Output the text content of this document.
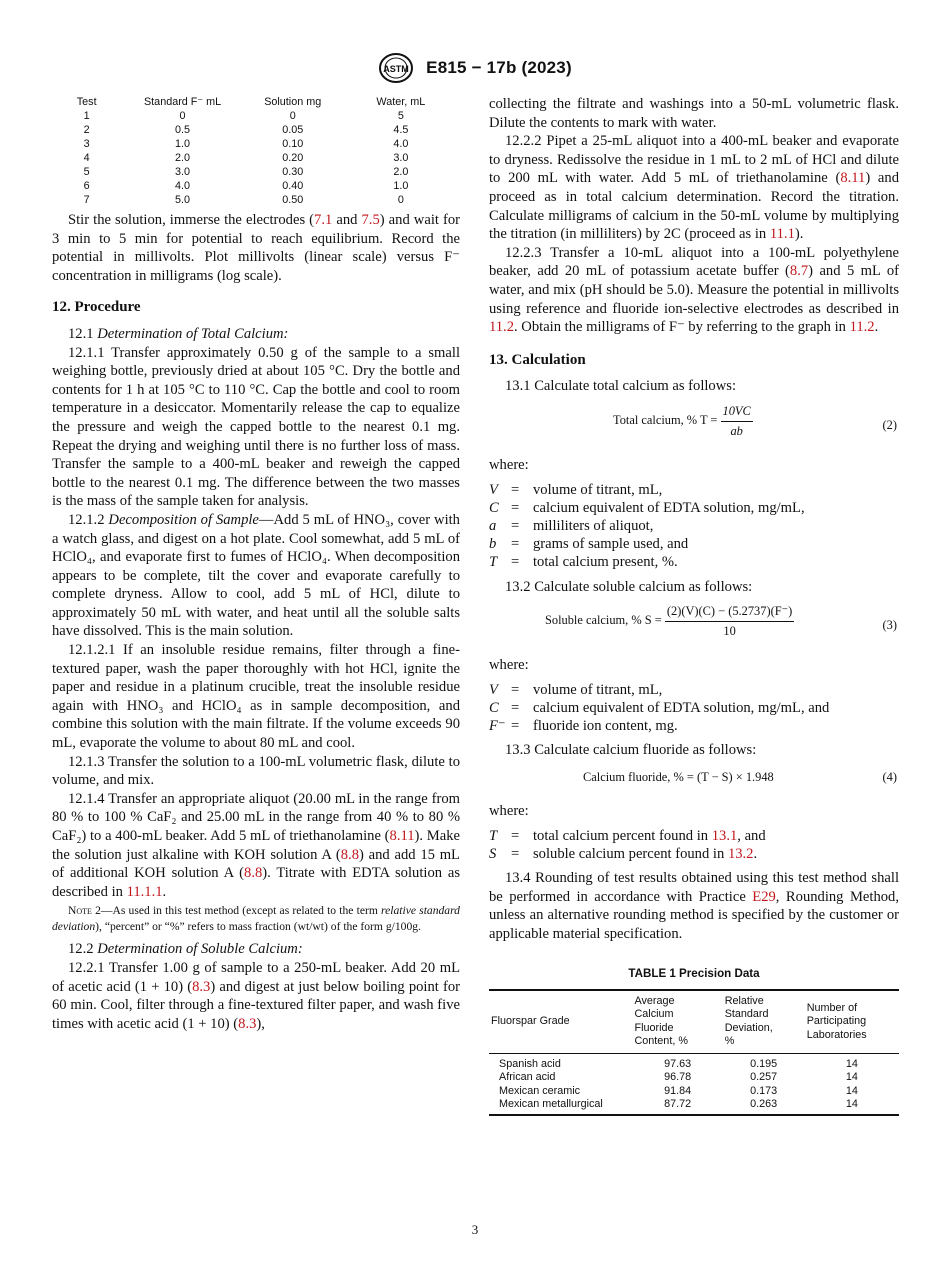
ASTM E815 − 17b (2023)
Test	Standard F⁻ mL	Solution mg	Water, mL
1	0	0	5
2	0.5	0.05	4.5
3	1.0	0.10	4.0
4	2.0	0.20	3.0
5	3.0	0.30	2.0
6	4.0	0.40	1.0
7	5.0	0.50	0

Stir the solution, immerse the electrodes (7.1 and 7.5) and wait for 3 min to 5 min for potential to reach equilibrium. Record the potential in millivolts. Plot millivolts (linear scale) versus F⁻ concentration in milligrams (log scale).

12. Procedure

12.1 Determination of Total Calcium:

12.1.1 Transfer approximately 0.50 g of the sample to a small weighing bottle, previously dried at about 105 °C. Dry the bottle and contents for 1 h at 105 °C to 110 °C. Cap the bottle and cool to room temperature in a desiccator. Momentarily release the cap to equalize the pressure and weigh the capped bottle to the nearest 0.1 mg. Repeat the drying and weighing until there is no further loss of mass. Transfer the sample to a 400-mL beaker and reweigh the capped bottle to the nearest 0.1 mg. The difference between the two masses is the mass of the sample taken for analysis.

12.1.2 Decomposition of Sample—Add 5 mL of HNO₃, cover with a watch glass, and digest on a hot plate. Cool somewhat, add 5 mL of HClO₄, and evaporate first to fumes of HClO₄. When decomposition appears to be complete, tilt the cover and evaporate carefully to complete dryness. Allow to cool, add 5 mL of HCl, dilute to approximately 50 mL with water, and heat until all the soluble salts have dissolved. This is the main solution.

12.1.2.1 If an insoluble residue remains, filter through a fine-textured paper, wash the paper thoroughly with hot HCl, ignite the paper and residue in a platinum crucible, treat the insoluble residue again with HNO₃ and HClO₄ as in sample decomposition, and combine this solution with the main filtrate. If the volume exceeds 90 mL, evaporate the volume to about 80 mL and cool.

12.1.3 Transfer the solution to a 100-mL volumetric flask, dilute to volume, and mix.

12.1.4 Transfer an appropriate aliquot (20.00 mL in the range from 80 % to 100 % CaF₂ and 25.00 mL in the range from 40 % to 80 % CaF₂) to a 400-mL beaker. Add 5 mL of triethanolamine (8.11). Make the solution just alkaline with KOH solution A (8.8) and add 15 mL of additional KOH solution A (8.8). Titrate with EDTA solution as described in 11.1.1.

Note 2—As used in this test method (except as related to the term relative standard deviation), “percent” or “%” refers to mass fraction (wt/wt) of the form g/100g.

12.2 Determination of Soluble Calcium:

12.2.1 Transfer 1.00 g of sample to a 250-mL beaker. Add 20 mL of acetic acid (1 + 10) (8.3) and digest at just below boiling point for 60 min. Cool, filter through a fine-textured filter paper, and wash five times with acetic acid (1 + 10) (8.3),

collecting the filtrate and washings into a 50-mL volumetric flask. Dilute the contents to mark with water.

12.2.2 Pipet a 25-mL aliquot into a 400-mL beaker and evaporate to dryness. Redissolve the residue in 1 mL to 2 mL of HCl and dilute to 200 mL with water. Add 5 mL of triethanolamine (8.11) and proceed as in total calcium determination. Record the titration. Calculate milligrams of calcium in the 50-mL volume by multiplying the titration (in milliliters) by 2C (proceed as in 11.1).

12.2.3 Transfer a 10-mL aliquot into a 100-mL polyethylene beaker, add 20 mL of potassium acetate buffer (8.7) and 5 mL of water, and mix (pH should be 5.0). Measure the potential in millivolts using reference and fluoride ion-selective electrodes as described in 11.2. Obtain the milligrams of F⁻ by referring to the graph in 11.2.

13. Calculation

13.1 Calculate total calcium as follows:

Total calcium, % $T = \frac{10VC}{ab}$	(2)

where:

V = volume of titrant, mL,
C = calcium equivalent of EDTA solution, mg/mL,
a	= milliliters of aliquot,
b	= grams of sample used, and
T = total calcium present, %.

13.2 Calculate soluble calcium as follows:

Soluble calcium, % $S = \frac{(2)(V)(C) - (5.2737)(F^-)}{10}$	(3)

where:

V = volume of titrant, mL,
C = calcium equivalent of EDTA solution, mg/mL, and
F⁻ = fluoride ion content, mg.

13.3 Calculate calcium fluoride as follows:

Calcium fluoride, % = (T − S) × 1.948	(4)

where:

T = total calcium percent found in 13.1, and
S	= soluble calcium percent found in 13.2.

13.4 Rounding of test results obtained using this test method shall be performed in accordance with Practice E29, Rounding Method, unless an alternative rounding method is specified by the customer or applicable material specification.

TABLE 1 Precision Data
Fluorspar Grade	Average
Calcium
Fluoride
Content, %	Relative
Standard
Deviation,
%	Number of
Participating
Laboratories
Spanish acid	97.63	0.195	14
African acid	96.78	0.257	14
Mexican ceramic	91.84	0.173	14
Mexican metallurgical	87.72	0.263	14
3
